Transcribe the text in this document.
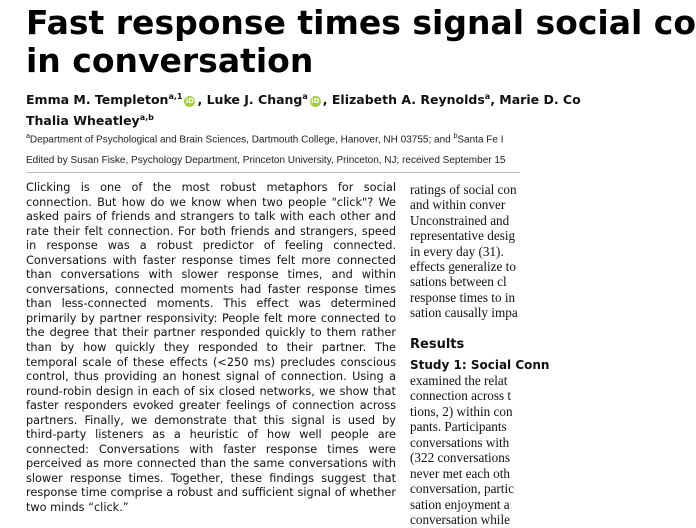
Fast response times signal social co
in conversation
Emma M. Templeton$^{a,1}$iD , Luke J. Chang$^a$iD , Elizabeth A. Reynolds$^a$, Marie D. Co
Thalia Wheatley$^{a,b}$
$^a$Department of Psychological and Brain Sciences, Dartmouth College, Hanover, NH 03755; and $^b$Santa Fe I
Edited by Susan Fiske, Psychology Department, Princeton University, Princeton, NJ; received September 15

Clicking is one of the most robust metaphors for social connection. But how do we know when two people "click"? We asked pairs of friends and strangers to talk with each other and rate their felt connection. For both friends and strangers, speed in response was a robust predictor of feeling connected. Conversations with faster response times felt more connected than conversations with slower response times, and within conversations, connected moments had faster response times than less-connected moments. This effect was determined primarily by partner responsivity: People felt more connected to the degree that their partner responded quickly to them rather than by how quickly they responded to their partner. The temporal scale of these effects (<250 ms) precludes conscious control, thus providing an honest signal of connection. Using a round-robin design in each of six closed networks, we show that faster responders evoked greater feelings of connection across partners. Finally, we demonstrate that this signal is used by third-party listeners as a heuristic of how well people are connected: Conversations with faster response times were perceived as more connected than the same conversations with slower response times. Together, these findings suggest that response time comprise a robust and sufficient signal of whether two minds “click.”

ratings of social con
and within conver
Unconstrained and
representative desig
in every day (31).
effects generalize to
sations between cl
response times to in
sation causally impa
Results
Study 1: Social Conn
examined the relat
connection across t
tions, 2) within con
pants. Participants
conversations with
(322 conversations
never met each oth
conversation, partic
sation enjoyment a
conversation while
